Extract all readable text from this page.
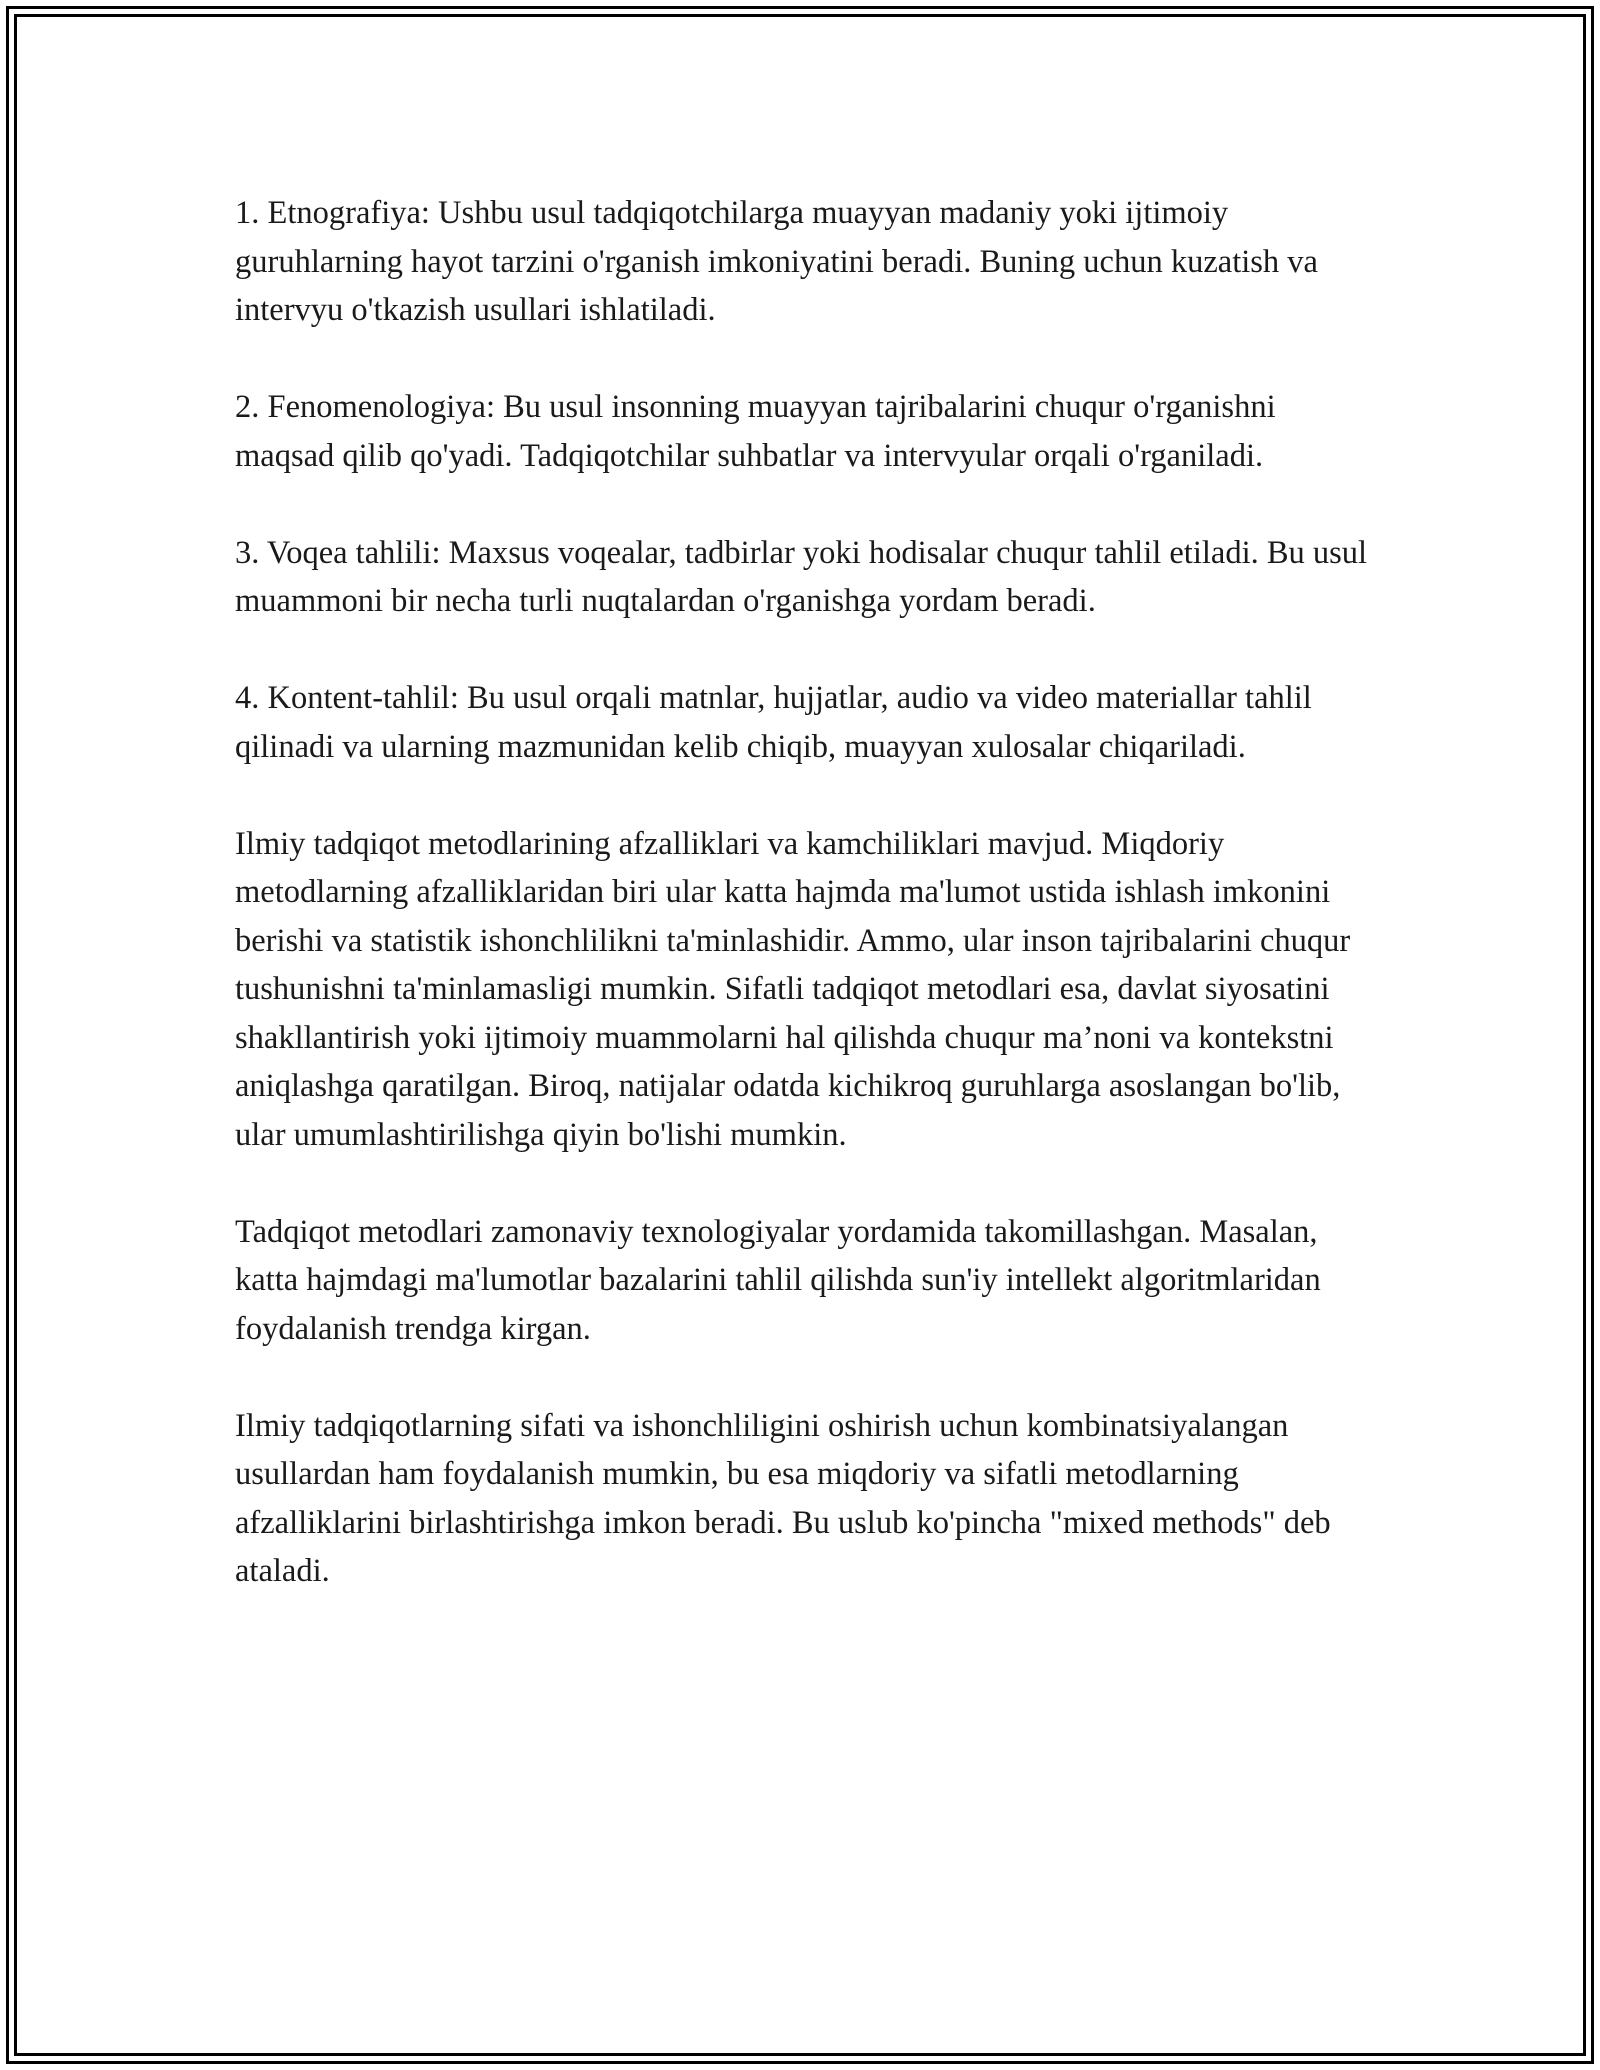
1. Etnografiya: Ushbu usul tadqiqotchilarga muayyan madaniy yoki ijtimoiy guruhlarning hayot tarzini o'rganish imkoniyatini beradi. Buning uchun kuzatish va intervyu o'tkazish usullari ishlatiladi.

2. Fenomenologiya: Bu usul insonning muayyan tajribalarini chuqur o'rganishni maqsad qilib qo'yadi. Tadqiqotchilar suhbatlar va intervyular orqali o'rganiladi.

3. Voqea tahlili: Maxsus voqealar, tadbirlar yoki hodisalar chuqur tahlil etiladi. Bu usul muammoni bir necha turli nuqtalardan o'rganishga yordam beradi.

4. Kontent-tahlil: Bu usul orqali matnlar, hujjatlar, audio va video materiallar tahlil qilinadi va ularning mazmunidan kelib chiqib, muayyan xulosalar chiqariladi.

Ilmiy tadqiqot metodlarining afzalliklari va kamchiliklari mavjud. Miqdoriy metodlarning afzalliklaridan biri ular katta hajmda ma'lumot ustida ishlash imkonini berishi va statistik ishonchlilikni ta'minlashidir. Ammo, ular inson tajribalarini chuqur tushunishni ta'minlamasligi mumkin. Sifatli tadqiqot metodlari esa, davlat siyosatini shakllantirish yoki ijtimoiy muammolarni hal qilishda chuqur ma’noni va kontekstni aniqlashga qaratilgan. Biroq, natijalar odatda kichikroq guruhlarga asoslangan bo'lib, ular umumlashtirilishga qiyin bo'lishi mumkin.

Tadqiqot metodlari zamonaviy texnologiyalar yordamida takomillashgan. Masalan, katta hajmdagi ma'lumotlar bazalarini tahlil qilishda sun'iy intellekt algoritmlaridan foydalanish trendga kirgan.

Ilmiy tadqiqotlarning sifati va ishonchliligini oshirish uchun kombinatsiyalangan usullardan ham foydalanish mumkin, bu esa miqdoriy va sifatli metodlarning afzalliklarini birlashtirishga imkon beradi. Bu uslub ko'pincha "mixed methods" deb ataladi.
